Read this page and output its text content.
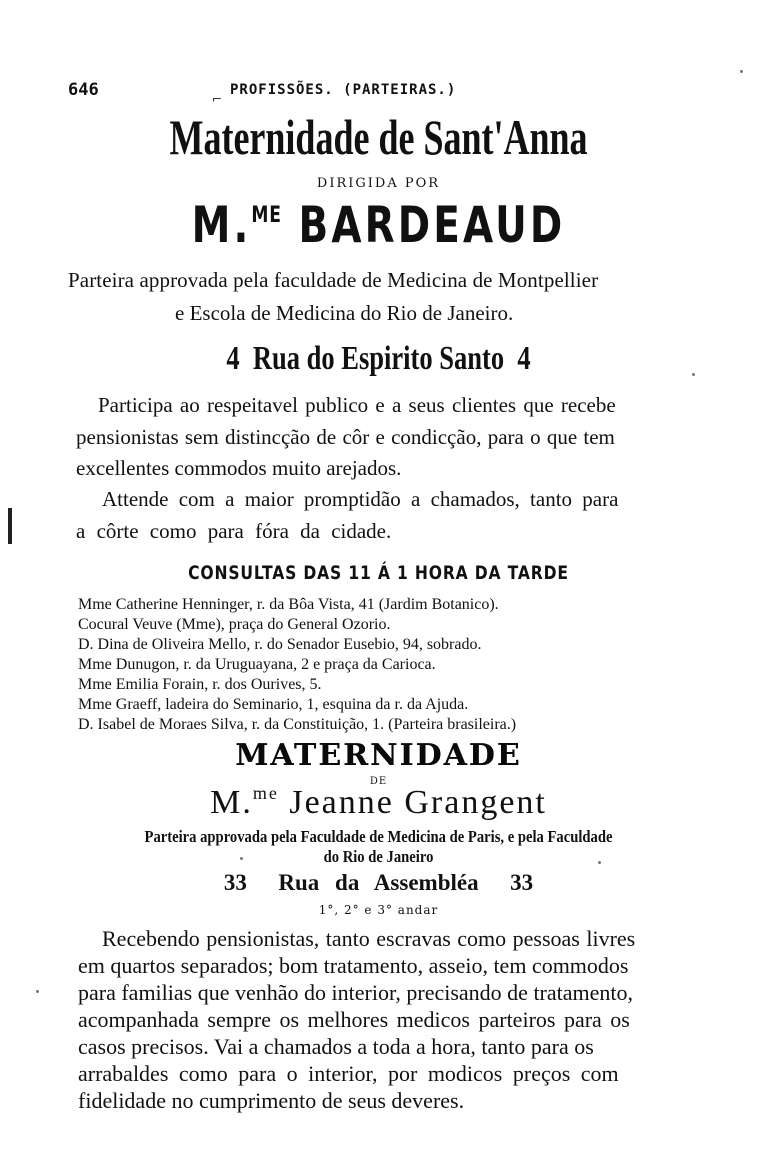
646	⌐
PROFISSÕES. (PARTEIRAS.)
Maternidade de Sant'Anna
DIRIGIDA POR
M.$^{ME}$ BARDEAUD
Parteira approvada pela faculdade de Medicina de Montpellier
e Escola de Medicina do Rio de Janeiro.
4  Rua do Espirito Santo  4
Participa ao respeitavel publico e a seus clientes que recebe
pensionistas sem distincção de côr e condicção, para o que tem
excellentes commodos muito arejados.
Attende com a maior promptidão a chamados, tanto para
a côrte como para fóra da cidade.
CONSULTAS DAS 11 Á 1 HORA DA TARDE
Mme Catherine Henninger, r. da Bôa Vista, 41 (Jardim Botanico).
Cocural Veuve (Mme), praça do General Ozorio.
D. Dina de Oliveira Mello, r. do Senador Eusebio, 94, sobrado.
Mme Dunugon, r. da Uruguayana, 2 e praça da Carioca.
Mme Emilia Forain, r. dos Ourives, 5.
Mme Graeff, ladeira do Seminario, 1, esquina da r. da Ajuda.
D. Isabel de Moraes Silva, r. da Constituição, 1. (Parteira brasileira.)
MATERNIDADE
DE
M.$^{me}$ Jeanne Grangent
Parteira approvada pela Faculdade de Medicina de Paris, e pela Faculdade
do Rio de Janeiro
33  Rua da Assembléa  33
1°, 2° e 3° andar
Recebendo pensionistas, tanto escravas como pessoas livres
em quartos separados; bom tratamento, asseio, tem commodos
para familias que venhão do interior, precisando de tratamento,
acompanhada sempre os melhores medicos parteiros para os
casos precisos. Vai a chamados a toda a hora, tanto para os
arrabaldes como para o interior, por modicos preços com
fidelidade no cumprimento de seus deveres.
